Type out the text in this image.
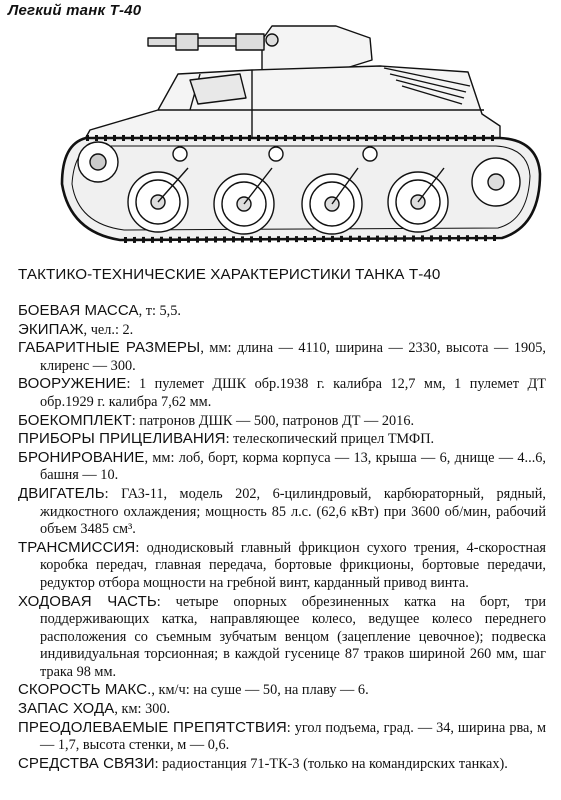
Легкий танк Т-40
ТАКТИКО-ТЕХНИЧЕСКИЕ ХАРАКТЕРИСТИКИ ТАНКА Т-40
БОЕВАЯ МАССА, т: 5,5.
ЭКИПАЖ, чел.: 2.
ГАБАРИТНЫЕ РАЗМЕРЫ, мм: длина — 4110, ширина — 2330, высота — 1905, клиренс — 300.
ВООРУЖЕНИЕ: 1 пулемет ДШК обр.1938 г. калибра 12,7 мм, 1 пулемет ДТ обр.1929 г. калибра 7,62 мм.
БОЕКОМПЛЕКТ: патронов ДШК — 500, патронов ДТ — 2016.
ПРИБОРЫ ПРИЦЕЛИВАНИЯ: телескопический прицел ТМФП.
БРОНИРОВАНИЕ, мм: лоб, борт, корма корпуса — 13, крыша — 6, днище — 4...6, башня — 10.
ДВИГАТЕЛЬ: ГАЗ-11, модель 202, 6-цилиндровый, карбюраторный, рядный, жидкостного охлаждения; мощность 85 л.с. (62,6 кВт) при 3600 об/мин, рабочий объем 3485 см³.
ТРАНСМИССИЯ: однодисковый главный фрикцион сухого трения, 4-скоростная коробка передач, главная передача, бортовые фрикционы, бортовые передачи, редуктор отбора мощности на гребной винт, карданный привод винта.
ХОДОВАЯ ЧАСТЬ: четыре опорных обрезиненных катка на борт, три поддерживающих катка, направляющее колесо, ведущее колесо переднего расположения со съемным зубчатым венцом (зацепление цевочное); подвеска индивидуальная торсионная; в каждой гусенице 87 траков шириной 260 мм, шаг трака 98 мм.
СКОРОСТЬ МАКС., км/ч: на суше — 50, на плаву — 6.
ЗАПАС ХОДА, км: 300.
ПРЕОДОЛЕВАЕМЫЕ ПРЕПЯТСТВИЯ: угол подъема, град. — 34, ширина рва, м — 1,7, высота стенки, м — 0,6.
СРЕДСТВА СВЯЗИ: радиостанция 71-ТК-3 (только на командирских танках).
